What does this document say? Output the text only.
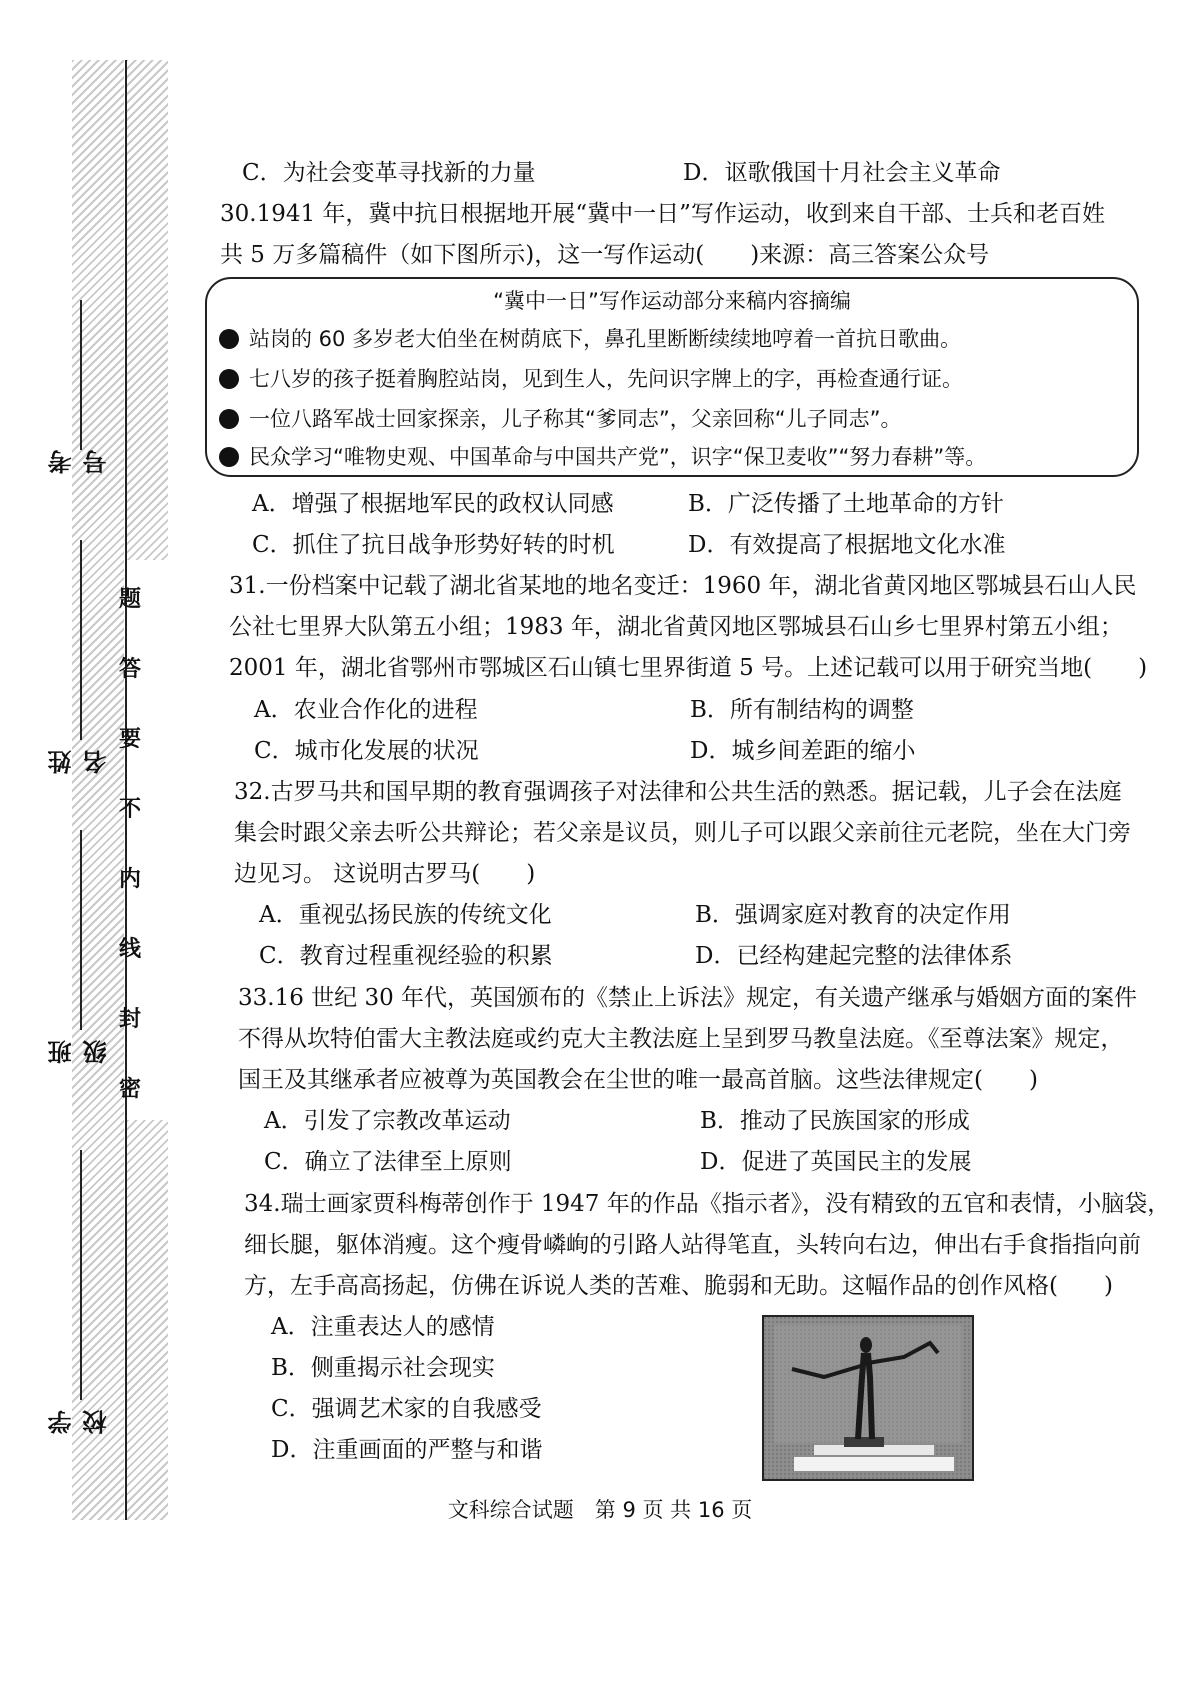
考号
姓名
班级
学校
题
答
要
不
内
线
封
密
C．为社会变革寻找新的力量	D．讴歌俄国十月社会主义革命
30.1941 年，冀中抗日根据地开展“冀中一日”写作运动，收到来自干部、士兵和老百姓
共 5 万多篇稿件（如下图所示)，这一写作运动(　　)来源：高三答案公众号
“冀中一日”写作运动部分来稿内容摘编
站岗的 60 多岁老大伯坐在树荫底下，鼻孔里断断续续地哼着一首抗日歌曲。
七八岁的孩子挺着胸腔站岗，见到生人，先问识字牌上的字，再检查通行证。
一位八路军战士回家探亲，儿子称其“爹同志”，父亲回称“儿子同志”。
民众学习“唯物史观、中国革命与中国共产党”，识字“保卫麦收”“努力春耕”等。
A．增强了根据地军民的政权认同感	B．广泛传播了土地革命的方针
C．抓住了抗日战争形势好转的时机	D．有效提高了根据地文化水准
31.一份档案中记载了湖北省某地的地名变迁：1960 年，湖北省黄冈地区鄂城县石山人民
公社七里界大队第五小组；1983 年，湖北省黄冈地区鄂城县石山乡七里界村第五小组；
2001 年，湖北省鄂州市鄂城区石山镇七里界街道 5 号。上述记载可以用于研究当地(　　)
A．农业合作化的进程	B．所有制结构的调整
C．城市化发展的状况	D．城乡间差距的缩小
32.古罗马共和国早期的教育强调孩子对法律和公共生活的熟悉。据记载，儿子会在法庭
集会时跟父亲去听公共辩论；若父亲是议员，则儿子可以跟父亲前往元老院，坐在大门旁
边见习。 这说明古罗马(　　)
A．重视弘扬民族的传统文化	B．强调家庭对教育的决定作用
C．教育过程重视经验的积累	D．已经构建起完整的法律体系
33.16 世纪 30 年代，英国颁布的《禁止上诉法》规定，有关遗产继承与婚姻方面的案件
不得从坎特伯雷大主教法庭或约克大主教法庭上呈到罗马教皇法庭。《至尊法案》规定，
国王及其继承者应被尊为英国教会在尘世的唯一最高首脑。这些法律规定(　　)
A．引发了宗教改革运动	B．推动了民族国家的形成
C．确立了法律至上原则	D．促进了英国民主的发展
34.瑞士画家贾科梅蒂创作于 1947 年的作品《指示者》，没有精致的五官和表情，小脑袋，
细长腿，躯体消瘦。这个瘦骨嶙峋的引路人站得笔直，头转向右边，伸出右手食指指向前
方，左手高高扬起，仿佛在诉说人类的苦难、脆弱和无助。这幅作品的创作风格(　　)
A．注重表达人的感情
B．侧重揭示社会现实
C．强调艺术家的自我感受
D．注重画面的严整与和谐
文科综合试题　第 9 页 共 16 页
